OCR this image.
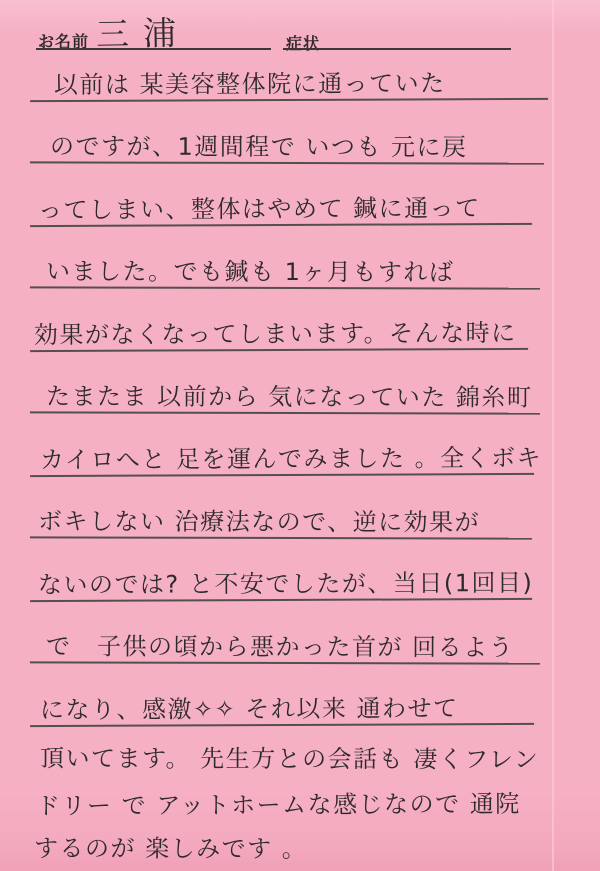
お名前 三浦	症状
以前は 某美容整体院に通っていた
のですが、1週間程で いつも 元に戻
ってしまい、整体はやめて 鍼に通って
いました。でも鍼も 1ヶ月もすれば
効果がなくなってしまいます。そんな時に
たまたま 以前から 気になっていた 錦糸町
カイロへと 足を運んでみました 。全くボキ
ボキしない 治療法なので、逆に効果が
ないのでは? と不安でしたが、当日(1回目)
で　子供の頃から悪かった首が 回るよう
になり、感激✧✧ それ以来 通わせて
頂いてます。 先生方との会話も 凄くフレン
ドリー で アットホームな感じなので 通院
するのが 楽しみです 。
